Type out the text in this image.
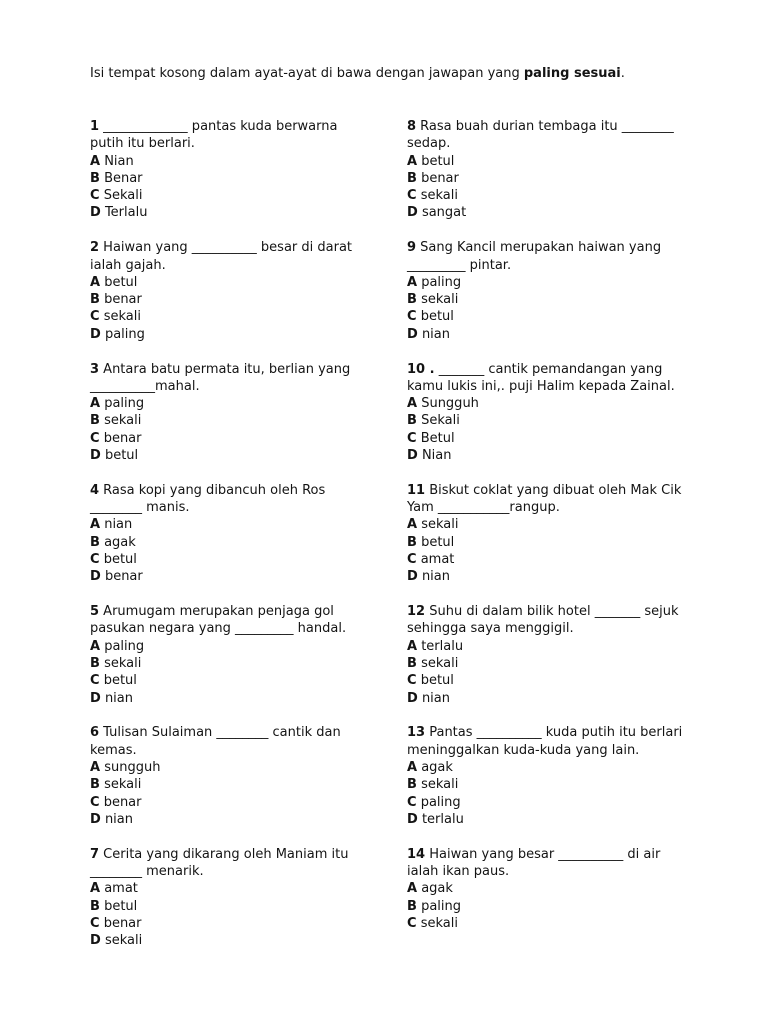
Isi tempat kosong dalam ayat-ayat di bawa dengan jawapan yang paling sesuai.
1 _____________ pantas kuda berwarna putih itu berlari.
A Nian
B Benar
C Sekali
D Terlalu
2 Haiwan yang __________ besar di darat ialah gajah.
A betul
B benar
C sekali
D paling
3 Antara batu permata itu, berlian yang __________mahal.
A paling
B sekali
C benar
D betul
4 Rasa kopi yang dibancuh oleh Ros ________ manis.
A nian
B agak
C betul
D benar
5 Arumugam merupakan penjaga gol pasukan negara yang _________ handal.
A paling
B sekali
C betul
D nian
6 Tulisan Sulaiman ________ cantik dan kemas.
A sungguh
B sekali
C benar
D nian
7 Cerita yang dikarang oleh Maniam itu ________ menarik.
A amat
B betul
C benar
D sekali
8 Rasa buah durian tembaga itu ________ sedap.
A betul
B benar
C sekali
D sangat
9 Sang Kancil merupakan haiwan yang _________ pintar.
A paling
B sekali
C betul
D nian
10 . _______ cantik pemandangan yang kamu lukis ini,. puji Halim kepada Zainal.
A Sungguh
B Sekali
C Betul
D Nian
11 Biskut coklat yang dibuat oleh Mak Cik Yam ___________rangup.
A sekali
B betul
C amat
D nian
12 Suhu di dalam bilik hotel _______ sejuk sehingga saya menggigil.
A terlalu
B sekali
C betul
D nian
13 Pantas __________ kuda putih itu berlari meninggalkan kuda-kuda yang lain.
A agak
B sekali
C paling
D terlalu
14 Haiwan yang besar __________ di air ialah ikan paus.
A agak
B paling
C sekali
